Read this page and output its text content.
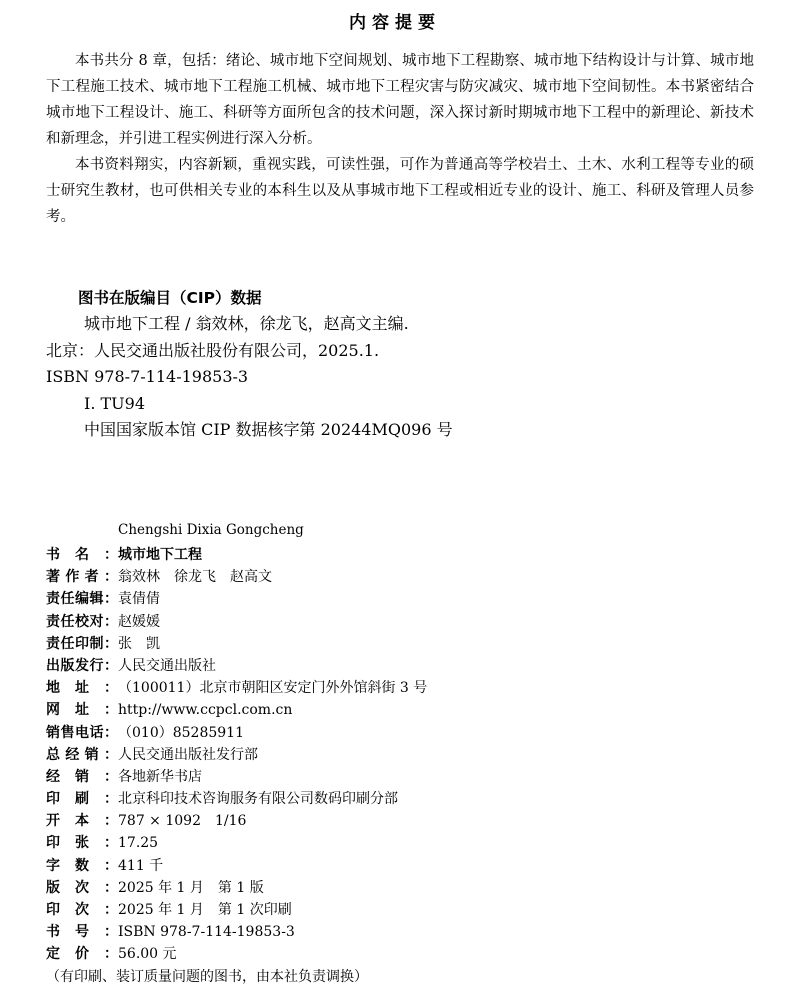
内容提要

本书共分 8 章，包括：绪论、城市地下空间规划、城市地下工程勘察、城市地下结构设计与计算、城市地下工程施工技术、城市地下工程施工机械、城市地下工程灾害与防灾减灾、城市地下空间韧性。本书紧密结合城市地下工程设计、施工、科研等方面所包含的技术问题，深入探讨新时期城市地下工程中的新理论、新技术和新理念，并引进工程实例进行深入分析。

本书资料翔实，内容新颖，重视实践，可读性强，可作为普通高等学校岩土、土木、水利工程等专业的硕士研究生教材，也可供相关专业的本科生以及从事城市地下工程或相近专业的设计、施工、科研及管理人员参考。

图书在版编目（CIP）数据
城市地下工程 / 翁效林，徐龙飞，赵高文主编.
北京：人民交通出版社股份有限公司，2025.1.
ISBN 978-7-114-19853-3
Ⅰ. TU94
中国国家版本馆 CIP 数据核字第 20244MQ096 号
Chengshi Dixia Gongcheng
书 名 ： 城市地下工程
著 作 者 ： 翁效林　徐龙飞　赵高文
责 任 编 辑 ： 袁倩倩
责 任 校 对 ： 赵媛媛
责 任 印 制 ： 张　凯
出 版 发 行 ： 人民交通出版社
地 址 ： （100011）北京市朝阳区安定门外外馆斜街 3 号
网 址 ： http://www.ccpcl.com.cn
销 售 电 话 ： （010）85285911
总 经 销 ： 人民交通出版社发行部
经 销 ： 各地新华书店
印 刷 ： 北京科印技术咨询服务有限公司数码印刷分部
开 本 ： 787 × 1092　1/16
印 张 ： 17.25
字 数 ： 411 千
版 次 ： 2025 年 1 月　第 1 版
印 次 ： 2025 年 1 月　第 1 次印刷
书 号 ： ISBN 978-7-114-19853-3
定 价 ： 56.00 元
（有印刷、装订质量问题的图书，由本社负责调换）
